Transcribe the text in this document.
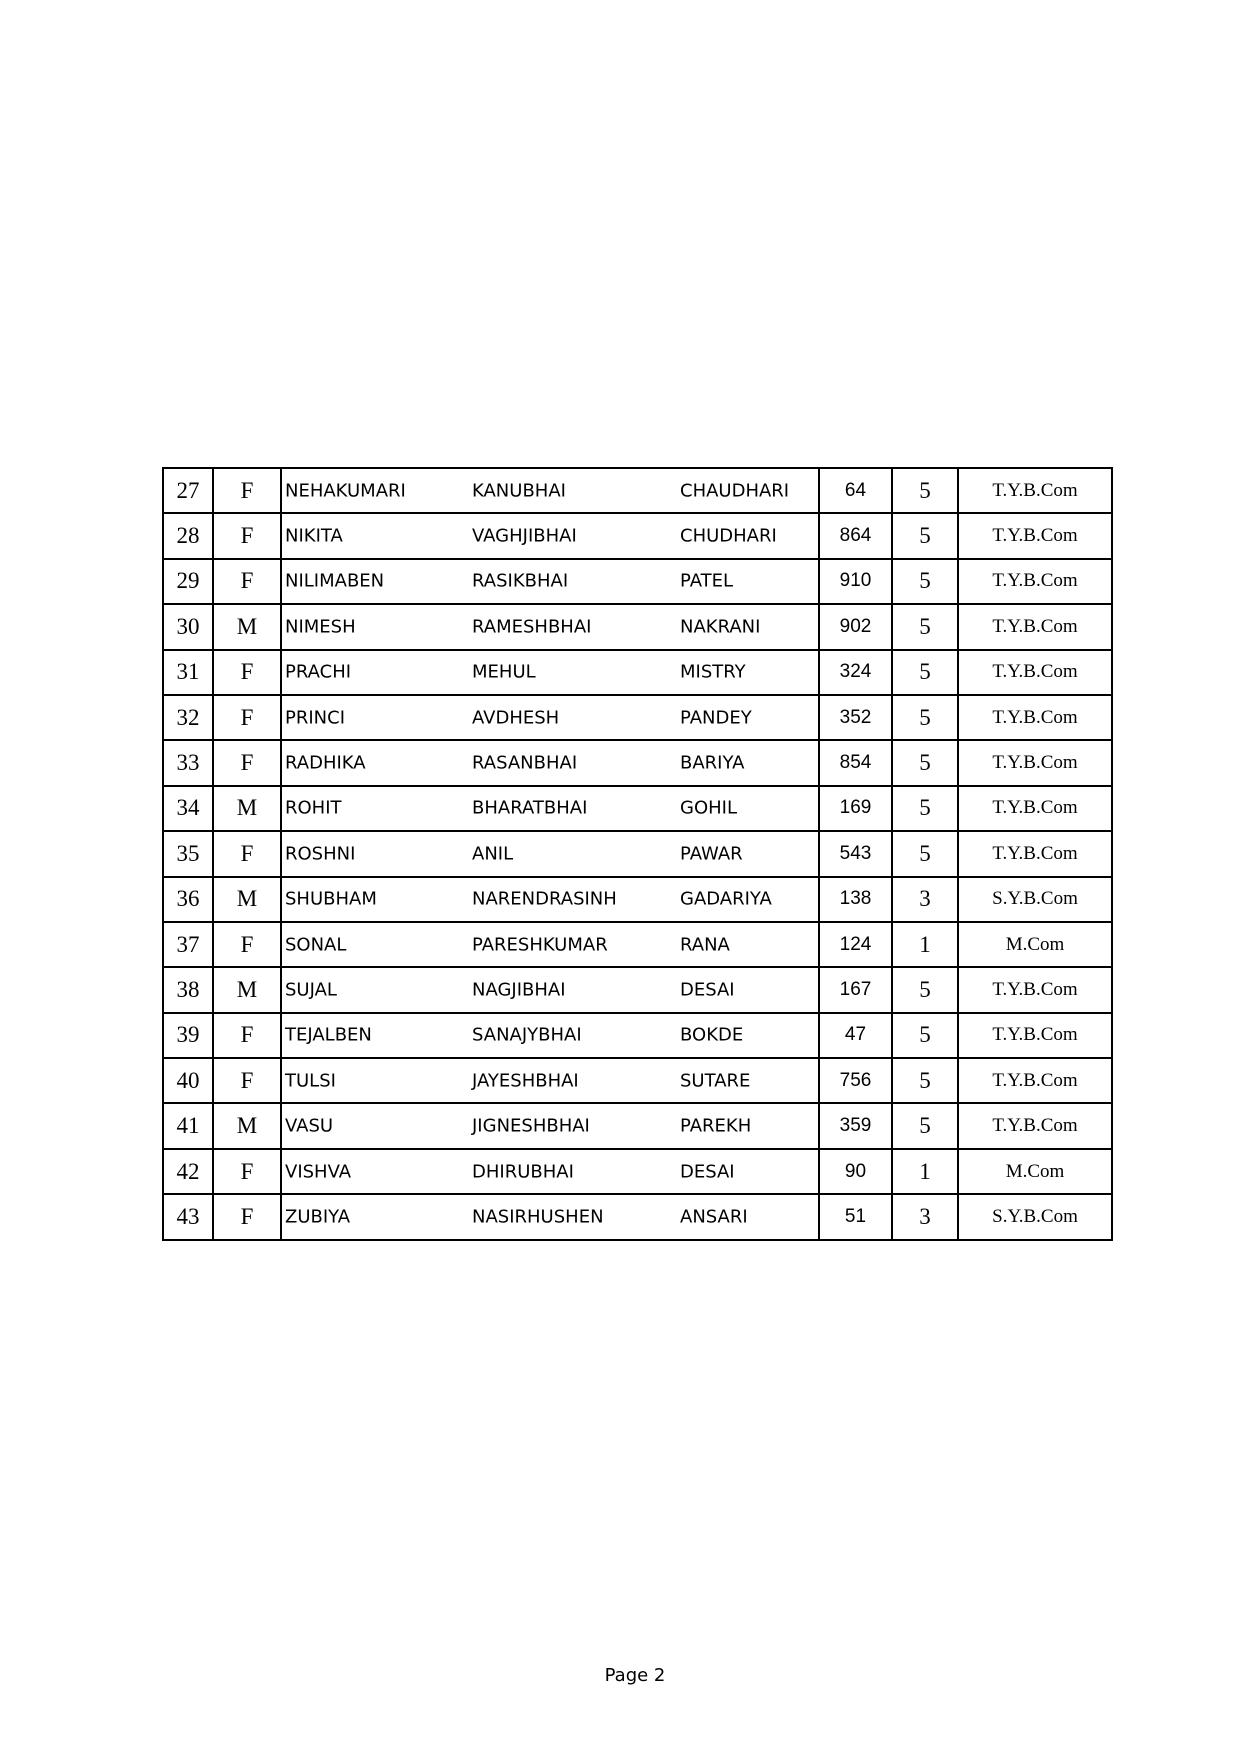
27	F	NEHAKUMARI KANUBHAI CHAUDHARI	64	5	T.Y.B.Com
28	F	NIKITA VAGHJIBHAI CHUDHARI	864	5	T.Y.B.Com
29	F	NILIMABEN RASIKBHAI PATEL	910	5	T.Y.B.Com
30	M	NIMESH RAMESHBHAI NAKRANI	902	5	T.Y.B.Com
31	F	PRACHI MEHUL MISTRY	324	5	T.Y.B.Com
32	F	PRINCI AVDHESH PANDEY	352	5	T.Y.B.Com
33	F	RADHIKA RASANBHAI BARIYA	854	5	T.Y.B.Com
34	M	ROHIT BHARATBHAI GOHIL	169	5	T.Y.B.Com
35	F	ROSHNI ANIL PAWAR	543	5	T.Y.B.Com
36	M	SHUBHAM NARENDRASINH GADARIYA	138	3	S.Y.B.Com
37	F	SONAL PARESHKUMAR RANA	124	1	M.Com
38	M	SUJAL NAGJIBHAI DESAI	167	5	T.Y.B.Com
39	F	TEJALBEN SANAJYBHAI BOKDE	47	5	T.Y.B.Com
40	F	TULSI JAYESHBHAI SUTARE	756	5	T.Y.B.Com
41	M	VASU JIGNESHBHAI PAREKH	359	5	T.Y.B.Com
42	F	VISHVA DHIRUBHAI DESAI	90	1	M.Com
43	F	ZUBIYA NASIRHUSHEN ANSARI	51	3	S.Y.B.Com
Page 2
